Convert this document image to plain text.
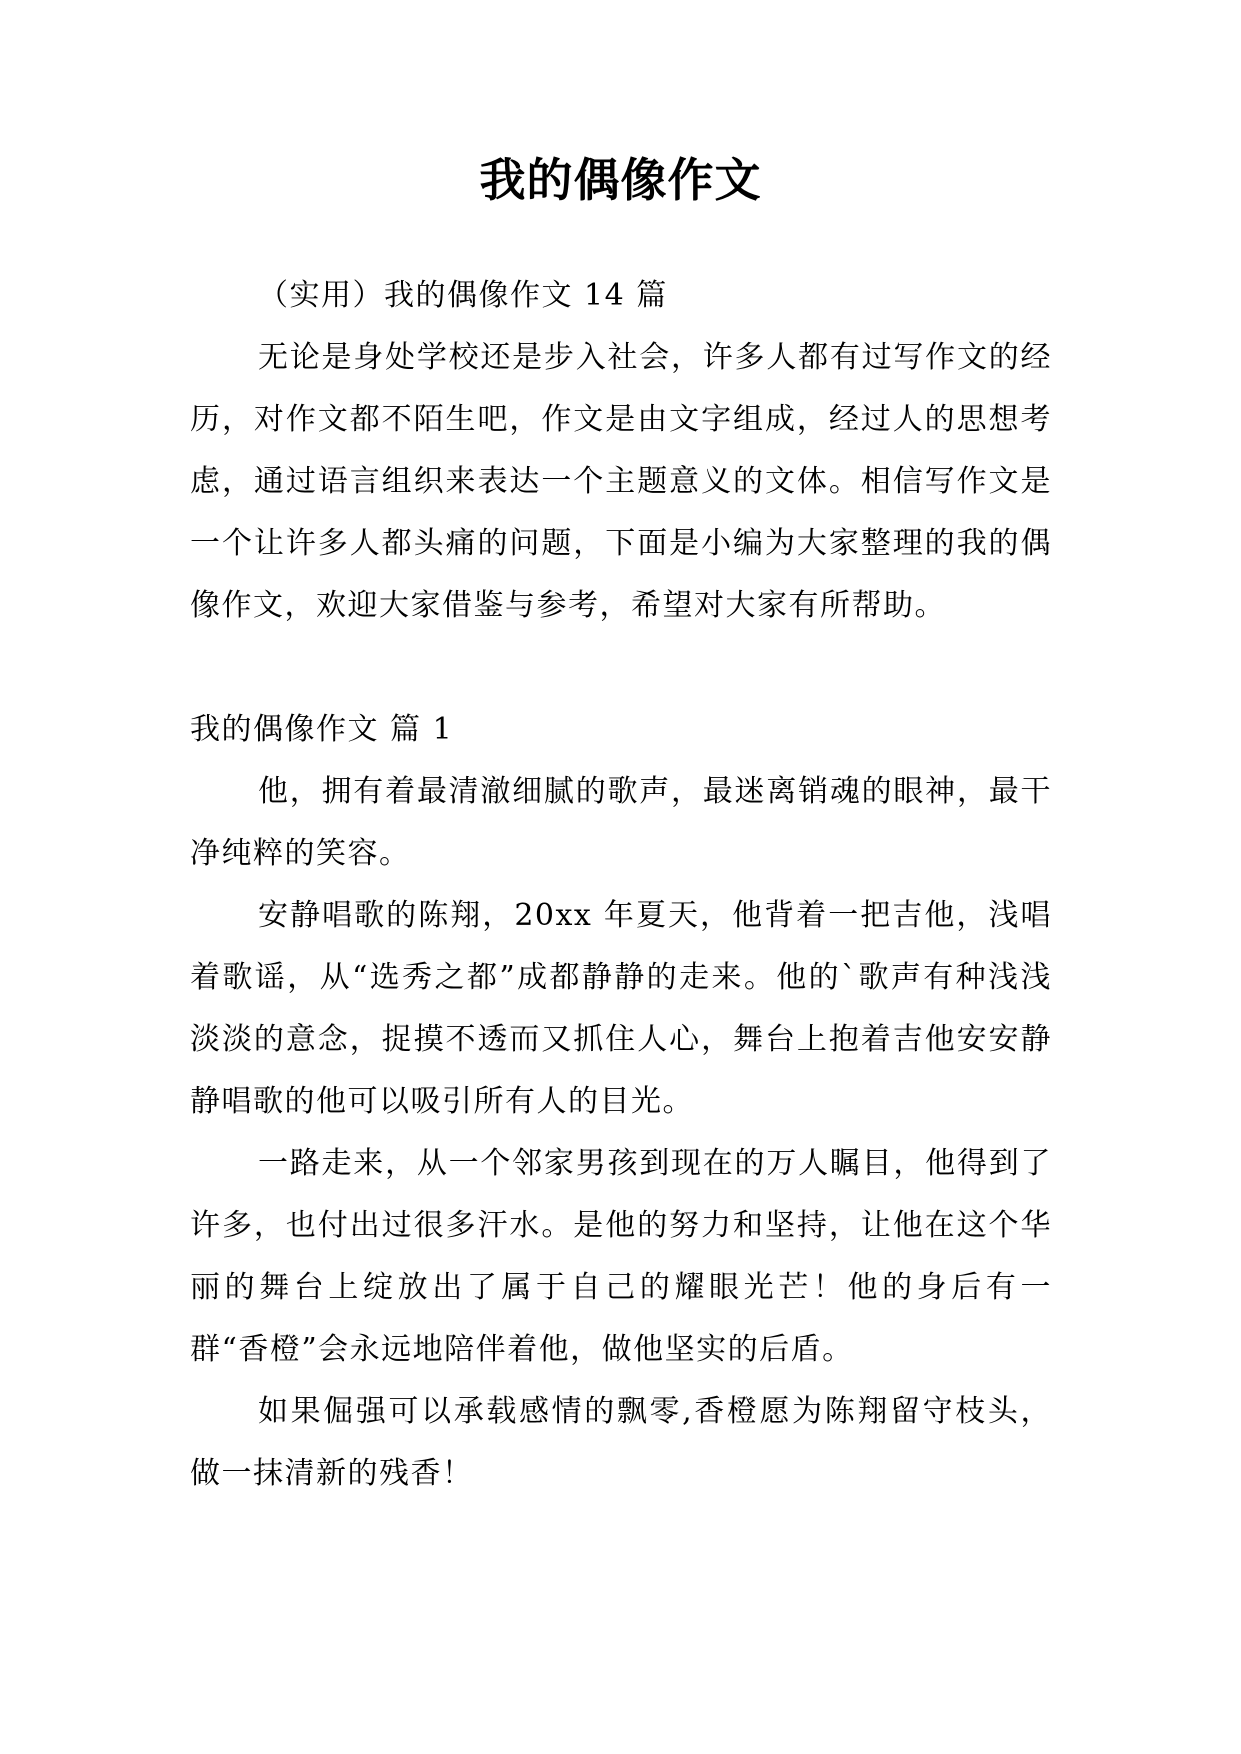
我的偶像作文

（实用）我的偶像作文 14 篇

无论是身处学校还是步入社会，许多人都有过写作文的经历，对作文都不陌生吧，作文是由文字组成，经过人的思想考虑，通过语言组织来表达一个主题意义的文体。相信写作文是一个让许多人都头痛的问题，下面是小编为大家整理的我的偶像作文，欢迎大家借鉴与参考，希望对大家有所帮助。

我的偶像作文 篇 1

他，拥有着最清澈细腻的歌声，最迷离销魂的眼神，最干净纯粹的笑容。

安静唱歌的陈翔，20xx 年夏天，他背着一把吉他，浅唱着歌谣，从“选秀之都”成都静静的走来。他的`歌声有种浅浅淡淡的意念，捉摸不透而又抓住人心，舞台上抱着吉他安安静静唱歌的他可以吸引所有人的目光。

一路走来，从一个邻家男孩到现在的万人瞩目，他得到了许多，也付出过很多汗水。是他的努力和坚持，让他在这个华丽的舞台上绽放出了属于自己的耀眼光芒！他的身后有一群“香橙”会永远地陪伴着他，做他坚实的后盾。

如果倔强可以承载感情的飘零,香橙愿为陈翔留守枝头，做一抹清新的残香！
